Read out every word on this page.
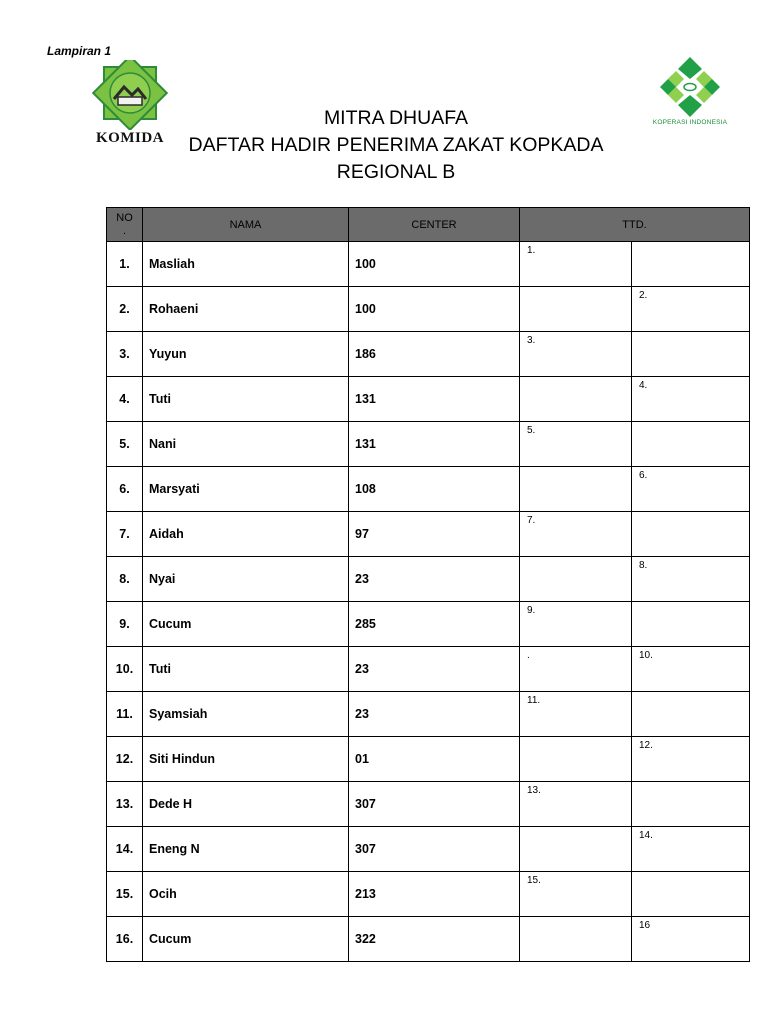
Lampiran 1
KOMIDA
KOPERASI INDONESIA
MITRA DHUAFA
DAFTAR HADIR PENERIMA ZAKAT KOPKADA
REGIONAL B
NO
.	NAMA	CENTER	TTD.	
1.	Masliah	100	1.	

2.	Rohaeni	100		2.

3.	Yuyun	186	3.	

4.	Tuti	131		4.

5.	Nani	131	5.	

6.	Marsyati	108		6.

7.	Aidah	97	7.	

8.	Nyai	23		8.

9.	Cucum	285	9.	

10.	Tuti	23	.	10.

11.	Syamsiah	23	11.	

12.	Siti Hindun	01		12.

13.	Dede H	307	13.	

14.	Eneng N	307		14.

15.	Ocih	213	15.	

16.	Cucum	322		16
